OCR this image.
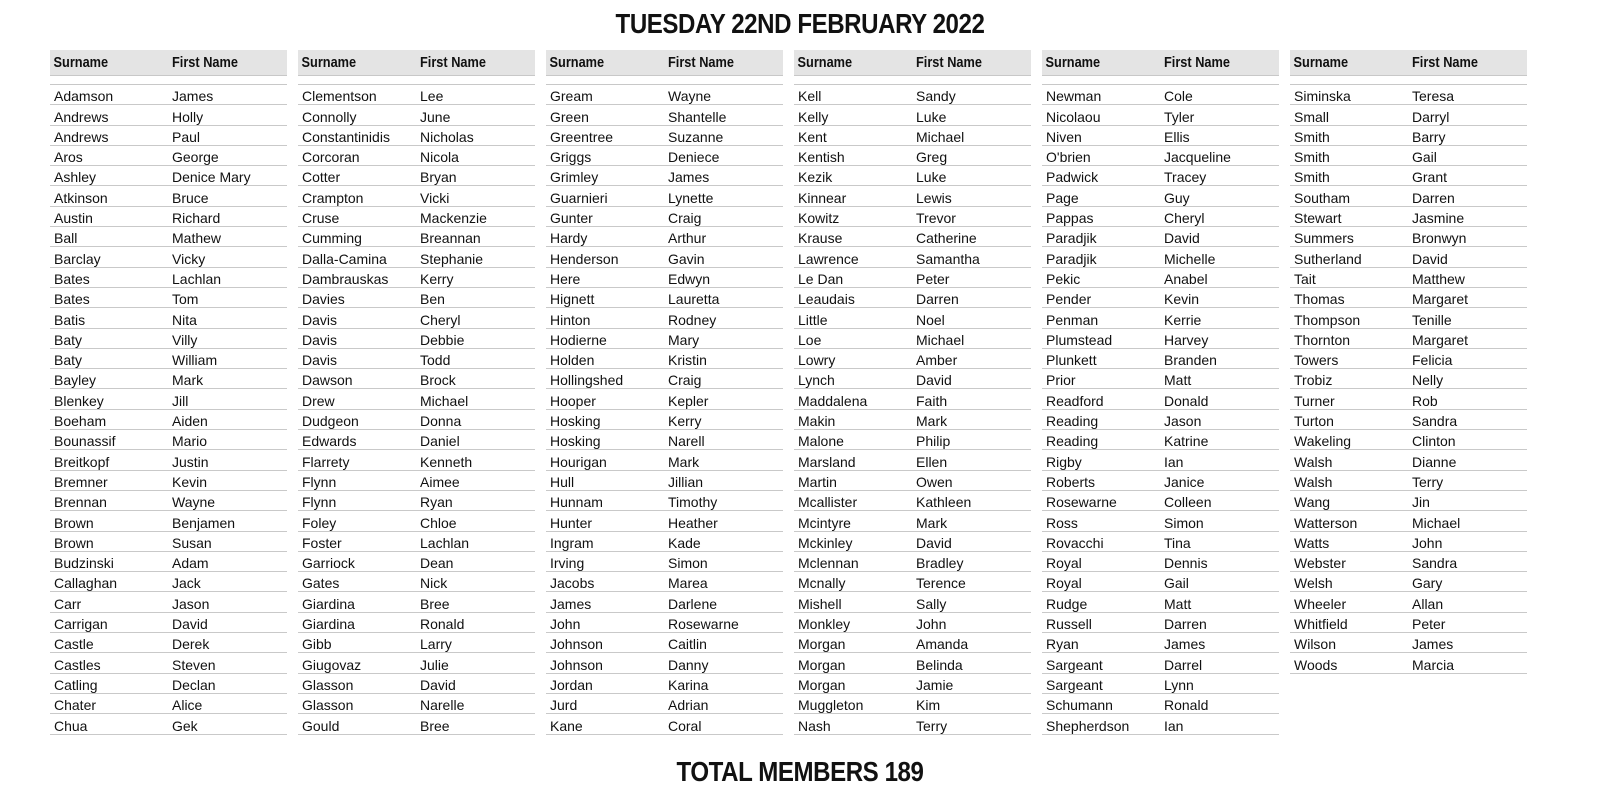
TUESDAY 22ND FEBRUARY 2022
Surname	First Name
Adamson	James
Andrews	Holly
Andrews	Paul
Aros	George
Ashley	Denice Mary
Atkinson	Bruce
Austin	Richard
Ball	Mathew
Barclay	Vicky
Bates	Lachlan
Bates	Tom
Batis	Nita
Baty	Villy
Baty	William
Bayley	Mark
Blenkey	Jill
Boeham	Aiden
Bounassif	Mario
Breitkopf	Justin
Bremner	Kevin
Brennan	Wayne
Brown	Benjamen
Brown	Susan
Budzinski	Adam
Callaghan	Jack
Carr	Jason
Carrigan	David
Castle	Derek
Castles	Steven
Catling	Declan
Chater	Alice
Chua	Gek
Surname	First Name
Clementson	Lee
Connolly	June
Constantinidis	Nicholas
Corcoran	Nicola
Cotter	Bryan
Crampton	Vicki
Cruse	Mackenzie
Cumming	Breannan
Dalla-Camina	Stephanie
Dambrauskas	Kerry
Davies	Ben
Davis	Cheryl
Davis	Debbie
Davis	Todd
Dawson	Brock
Drew	Michael
Dudgeon	Donna
Edwards	Daniel
Flarrety	Kenneth
Flynn	Aimee
Flynn	Ryan
Foley	Chloe
Foster	Lachlan
Garriock	Dean
Gates	Nick
Giardina	Bree
Giardina	Ronald
Gibb	Larry
Giugovaz	Julie
Glasson	David
Glasson	Narelle
Gould	Bree
Surname	First Name
Gream	Wayne
Green	Shantelle
Greentree	Suzanne
Griggs	Deniece
Grimley	James
Guarnieri	Lynette
Gunter	Craig
Hardy	Arthur
Henderson	Gavin
Here	Edwyn
Hignett	Lauretta
Hinton	Rodney
Hodierne	Mary
Holden	Kristin
Hollingshed	Craig
Hooper	Kepler
Hosking	Kerry
Hosking	Narell
Hourigan	Mark
Hull	Jillian
Hunnam	Timothy
Hunter	Heather
Ingram	Kade
Irving	Simon
Jacobs	Marea
James	Darlene
John	Rosewarne
Johnson	Caitlin
Johnson	Danny
Jordan	Karina
Jurd	Adrian
Kane	Coral
Surname	First Name
Kell	Sandy
Kelly	Luke
Kent	Michael
Kentish	Greg
Kezik	Luke
Kinnear	Lewis
Kowitz	Trevor
Krause	Catherine
Lawrence	Samantha
Le Dan	Peter
Leaudais	Darren
Little	Noel
Loe	Michael
Lowry	Amber
Lynch	David
Maddalena	Faith
Makin	Mark
Malone	Philip
Marsland	Ellen
Martin	Owen
Mcallister	Kathleen
Mcintyre	Mark
Mckinley	David
Mclennan	Bradley
Mcnally	Terence
Mishell	Sally
Monkley	John
Morgan	Amanda
Morgan	Belinda
Morgan	Jamie
Muggleton	Kim
Nash	Terry
Surname	First Name
Newman	Cole
Nicolaou	Tyler
Niven	Ellis
O'brien	Jacqueline
Padwick	Tracey
Page	Guy
Pappas	Cheryl
Paradjik	David
Paradjik	Michelle
Pekic	Anabel
Pender	Kevin
Penman	Kerrie
Plumstead	Harvey
Plunkett	Branden
Prior	Matt
Readford	Donald
Reading	Jason
Reading	Katrine
Rigby	Ian
Roberts	Janice
Rosewarne	Colleen
Ross	Simon
Rovacchi	Tina
Royal	Dennis
Royal	Gail
Rudge	Matt
Russell	Darren
Ryan	James
Sargeant	Darrel
Sargeant	Lynn
Schumann	Ronald
Shepherdson	Ian
Surname	First Name
Siminska	Teresa
Small	Darryl
Smith	Barry
Smith	Gail
Smith	Grant
Southam	Darren
Stewart	Jasmine
Summers	Bronwyn
Sutherland	David
Tait	Matthew
Thomas	Margaret
Thompson	Tenille
Thornton	Margaret
Towers	Felicia
Trobiz	Nelly
Turner	Rob
Turton	Sandra
Wakeling	Clinton
Walsh	Dianne
Walsh	Terry
Wang	Jin
Watterson	Michael
Watts	John
Webster	Sandra
Welsh	Gary
Wheeler	Allan
Whitfield	Peter
Wilson	James
Woods	Marcia
TOTAL MEMBERS 189
